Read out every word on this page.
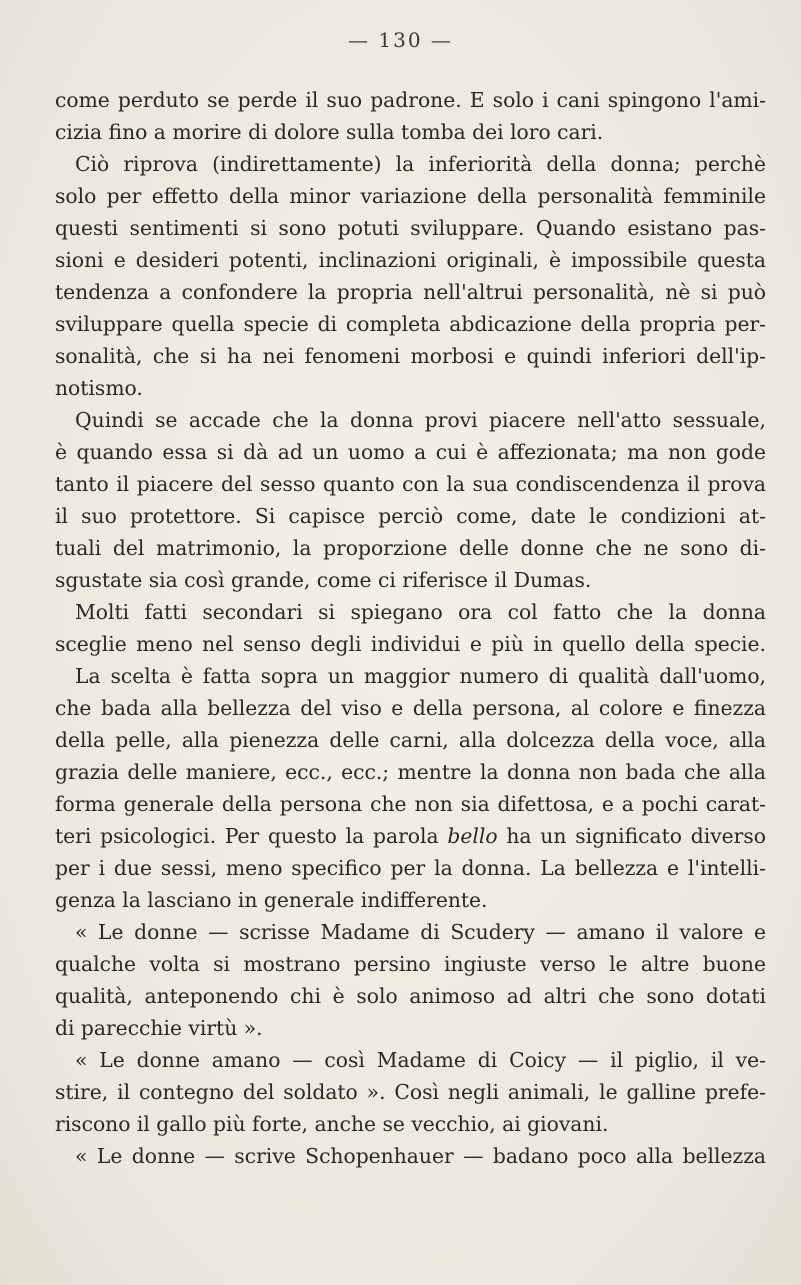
— 130 —
come perduto se perde il suo padrone. E solo i cani spingono l'ami-
cizia fino a morire di dolore sulla tomba dei loro cari.
Ciò riprova (indirettamente) la inferiorità della donna; perchè
solo per effetto della minor variazione della personalità femminile
questi sentimenti si sono potuti sviluppare. Quando esistano pas-
sioni e desideri potenti, inclinazioni originali, è impossibile questa
tendenza a confondere la propria nell'altrui personalità, nè si può
sviluppare quella specie di completa abdicazione della propria per-
sonalità, che si ha nei fenomeni morbosi e quindi inferiori dell'ip-
notismo.
Quindi se accade che la donna provi piacere nell'atto sessuale,
è quando essa si dà ad un uomo a cui è affezionata; ma non gode
tanto il piacere del sesso quanto con la sua condiscendenza il prova
il suo protettore. Si capisce perciò come, date le condizioni at-
tuali del matrimonio, la proporzione delle donne che ne sono di-
sgustate sia così grande, come ci riferisce il Dumas.
Molti fatti secondari si spiegano ora col fatto che la donna
sceglie meno nel senso degli individui e più in quello della specie.
La scelta è fatta sopra un maggior numero di qualità dall'uomo,
che bada alla bellezza del viso e della persona, al colore e finezza
della pelle, alla pienezza delle carni, alla dolcezza della voce, alla
grazia delle maniere, ecc., ecc.; mentre la donna non bada che alla
forma generale della persona che non sia difettosa, e a pochi carat-
teri psicologici. Per questo la parola bello ha un significato diverso
per i due sessi, meno specifico per la donna. La bellezza e l'intelli-
genza la lasciano in generale indifferente.
« Le donne — scrisse Madame di Scudery — amano il valore e
qualche volta si mostrano persino ingiuste verso le altre buone
qualità, anteponendo chi è solo animoso ad altri che sono dotati
di parecchie virtù ».
« Le donne amano — così Madame di Coicy — il piglio, il ve-
stire, il contegno del soldato ». Così negli animali, le galline prefe-
riscono il gallo più forte, anche se vecchio, ai giovani.
« Le donne — scrive Schopenhauer — badano poco alla bellezza
